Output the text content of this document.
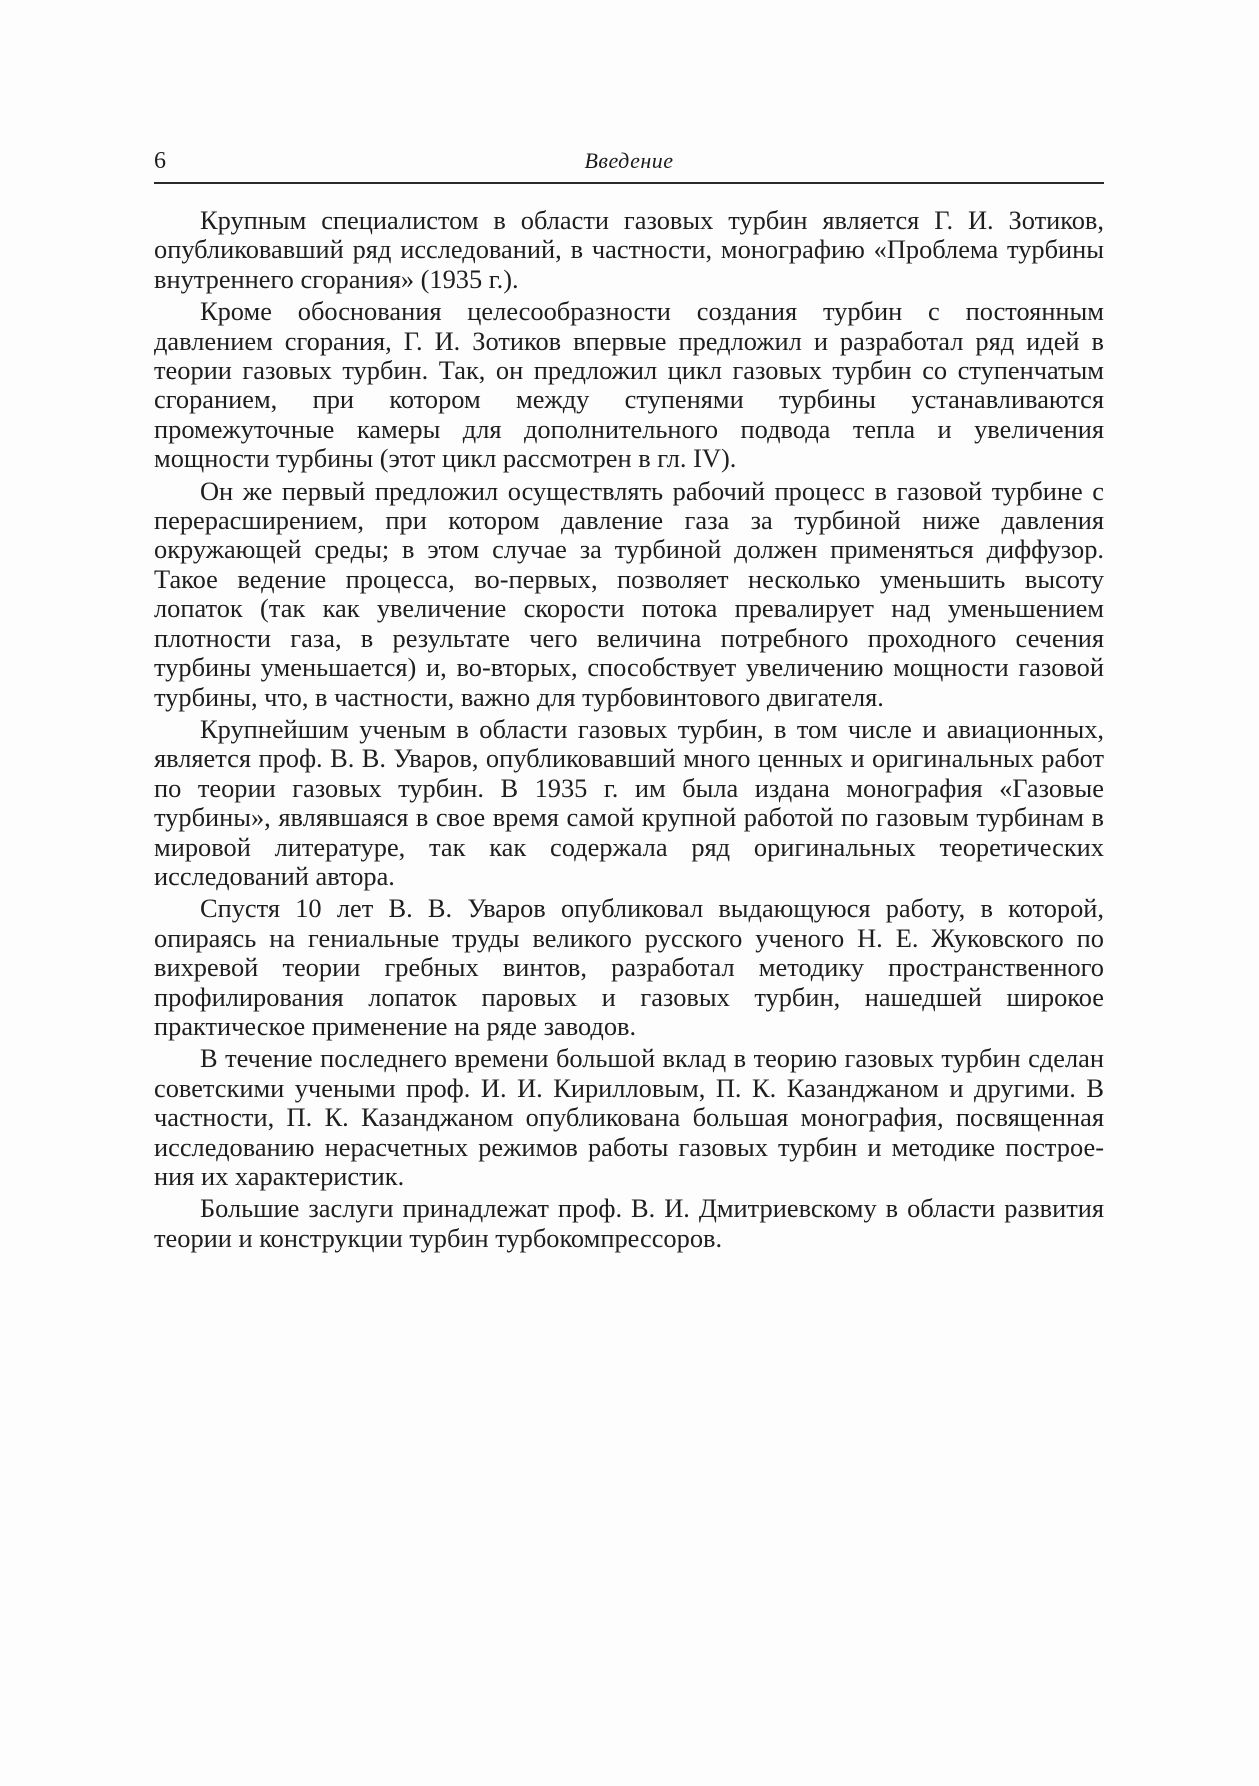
6	Введение

Крупным специалистом в области газовых турбин является Г. И. Зотиков, опубликовавший ряд исследований, в частности, монографию «Проблема турбины внутреннего сгорания» (1935 г.).

Кроме обоснования целесообразности создания турбин с постоянным давлением сгорания, Г. И. Зотиков впервые предложил и разработал ряд идей в теории газовых турбин. Так, он предложил цикл газовых турбин со ступенчатым сгоранием, при котором между ступенями турбины устанавливаются промежуточные камеры для дополнительного подвода тепла и увеличения мощности турбины (этот цикл рассмотрен в гл. IV).

Он же первый предложил осуществлять рабочий процесс в газовой турбине с перерасширением, при котором давление газа за турбиной ниже давления окружающей среды; в этом случае за турбиной должен применяться диффузор. Такое ведение процесса, во-первых, позволяет несколько уменьшить высоту лопаток (так как увеличение скорости потока превалирует над уменьшением плотности газа, в результате чего величина потребного проходного сечения турбины уменьшается) и, во-вторых, способствует увеличению мощности газовой турбины, что, в частности, важно для турбовинтового двигателя.

Крупнейшим ученым в области газовых турбин, в том числе и авиационных, является проф. В. В. Уваров, опубликовавший много ценных и оригинальных работ по теории газовых турбин. В 1935 г. им была издана монография «Газовые турбины», являвшаяся в свое время самой крупной работой по газовым турбинам в мировой литературе, так как содержала ряд оригинальных теоретических исследований автора.

Спустя 10 лет В. В. Уваров опубликовал выдающуюся работу, в которой, опираясь на гениальные труды великого русского ученого Н. Е. Жуковского по вихревой теории гребных винтов, разработал методику пространственного профилирования лопаток паровых и газовых турбин, нашедшей широкое практическое применение на ряде заводов.

В течение последнего времени большой вклад в теорию газовых турбин сделан советскими учеными проф. И. И. Кирилловым, П. К. Казанджаном и другими. В частности, П. К. Казанджаном опубликована большая монография, посвященная исследованию нерасчетных режимов работы газовых турбин и методике построения их характеристик.

Большие заслуги принадлежат проф. В. И. Дмитриевскому в области развития теории и конструкции турбин турбокомпрессоров.
